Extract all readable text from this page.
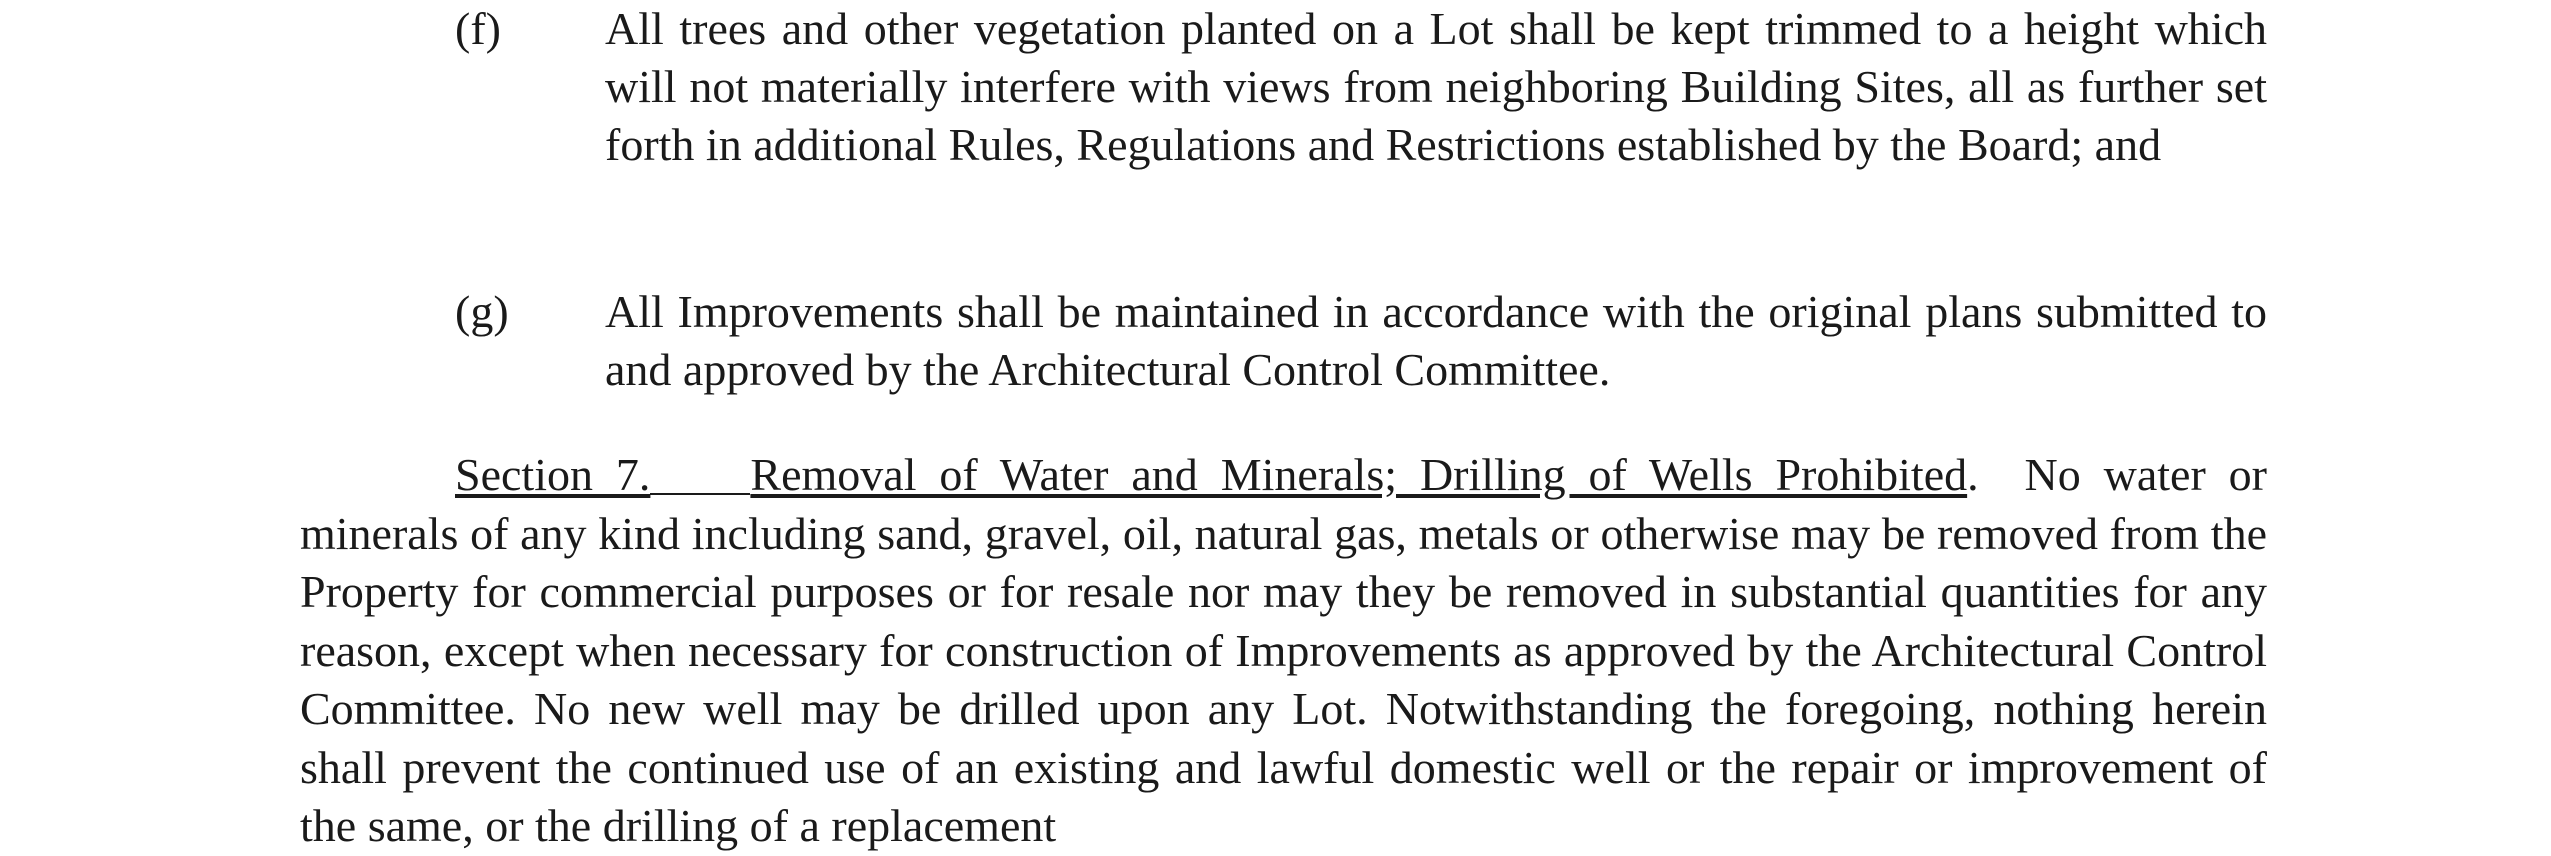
(f) All trees and other vegetation planted on a Lot shall be kept trimmed to a height which will not materially interfere with views from neighboring Building Sites, all as further set forth in additional Rules, Regulations and Restrictions established by the Board; and
(g) All Improvements shall be maintained in accordance with the original plans submitted to and approved by the Architectural Control Committee.
Section 7. Removal of Water and Minerals; Drilling of Wells Prohibited. No water or minerals of any kind including sand, gravel, oil, natural gas, metals or otherwise may be removed from the Property for commercial purposes or for resale nor may they be removed in substantial quantities for any reason, except when necessary for construction of Improvements as approved by the Architectural Control Committee. No new well may be drilled upon any Lot. Notwithstanding the foregoing, nothing herein shall prevent the continued use of an existing and lawful domestic well or the repair or improvement of the same, or the drilling of a replacement
